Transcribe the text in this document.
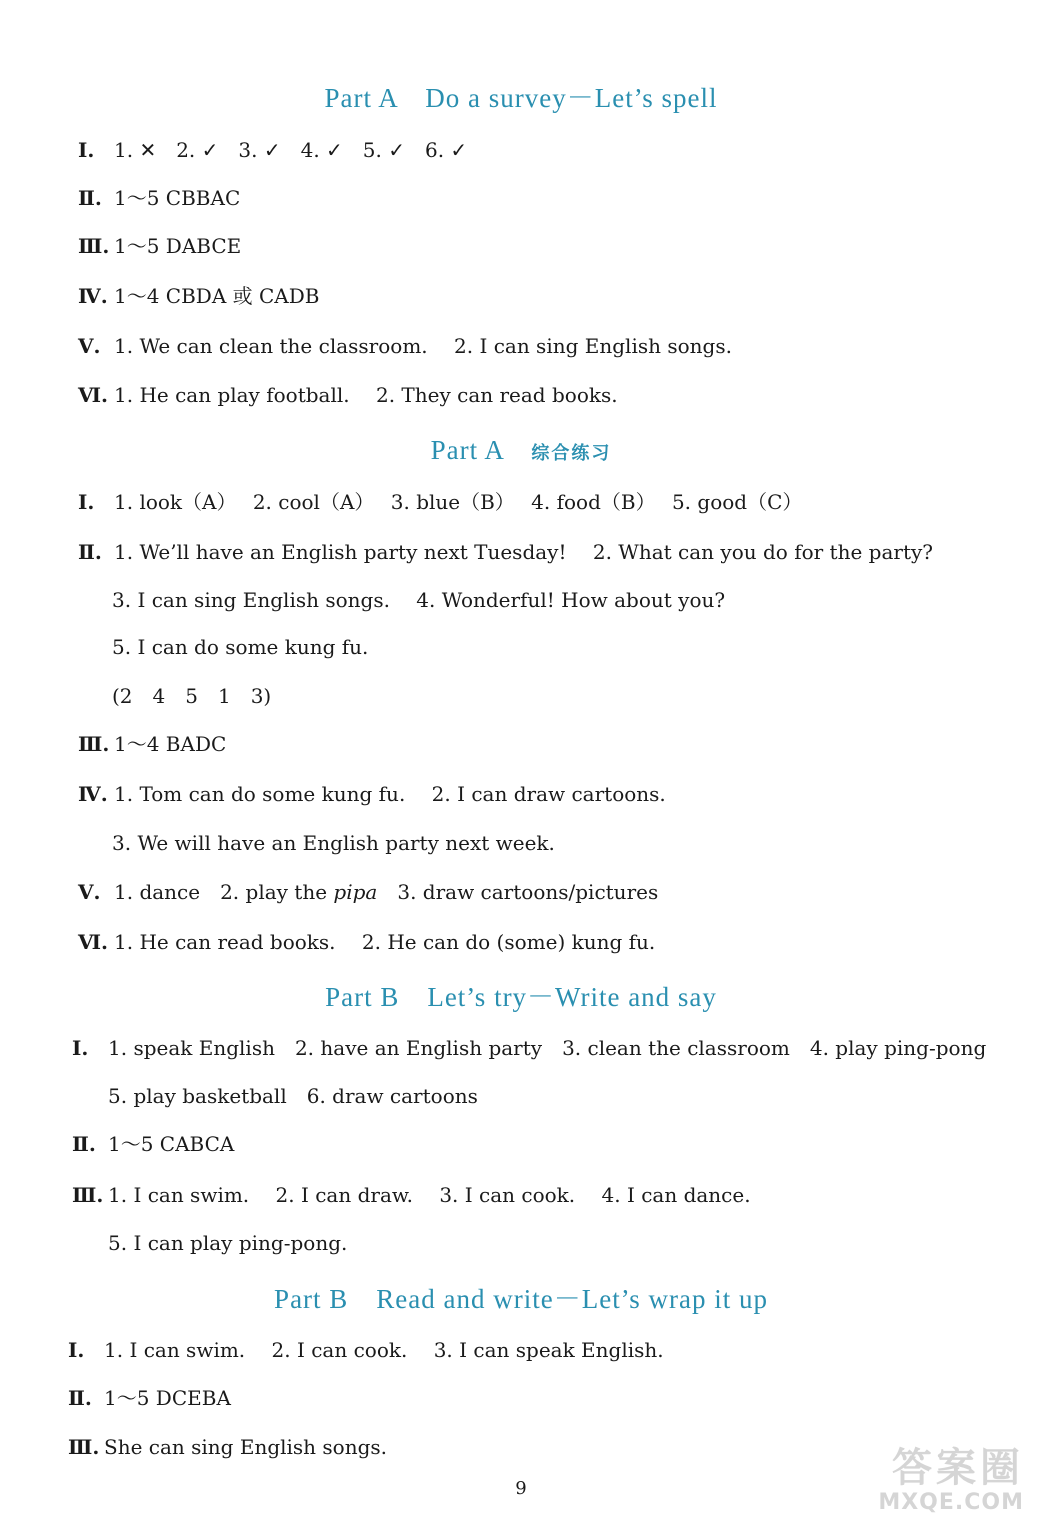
Part A　Do a survey－Let’s spell
Ⅰ. 1. ✕　2. ✓　3. ✓　4. ✓　5. ✓　6. ✓
Ⅱ. 1～5 CBBAC
Ⅲ. 1～5 DABCE
Ⅳ. 1～4 CBDA 或 CADB
Ⅴ. 1. We can clean the classroom.　 2. I can sing English songs.
Ⅵ. 1. He can play football.　 2. They can read books.
Part A　 综合练习
Ⅰ. 1. look（A）　 2. cool（A）　 3. blue（B）　 4. food（B）　 5. good（C）
Ⅱ. 1. We’ll have an English party next Tuesday!　 2. What can you do for the party?
3. I can sing English songs.　 4. Wonderful! How about you?
5. I can do some kung fu.
(2　4　5　1　3)
Ⅲ. 1～4 BADC
Ⅳ. 1. Tom can do some kung fu.　 2. I can draw cartoons.
3. We will have an English party next week.
Ⅴ. 1. dance　2. play the pipa　3. draw cartoons/pictures
Ⅵ. 1. He can read books.　 2. He can do (some) kung fu.
Part B　Let’s try－Write and say
Ⅰ. 1. speak English　2. have an English party　3. clean the classroom　4. play ping-pong
5. play basketball　6. draw cartoons
Ⅱ. 1～5 CABCA
Ⅲ. 1. I can swim.　 2. I can draw.　 3. I can cook.　 4. I can dance.
5. I can play ping-pong.
Part B　Read and write－Let’s wrap it up
Ⅰ. 1. I can swim.　 2. I can cook.　 3. I can speak English.
Ⅱ. 1～5 DCEBA
Ⅲ. She can sing English songs.
9	答案圈
MXQE.COM
